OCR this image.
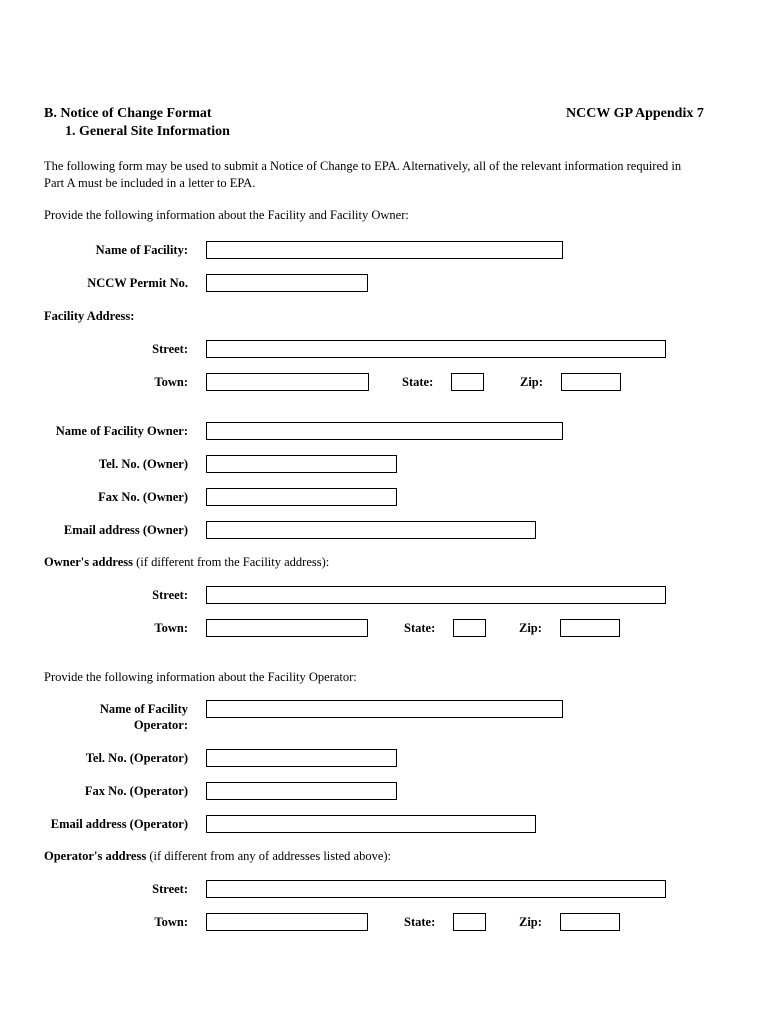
B. Notice of Change Format
1. General Site Information
NCCW GP Appendix 7
The following form may be used to submit a Notice of Change to EPA. Alternatively, all of the relevant information required in
Part A must be included in a letter to EPA.
Provide the following information about the Facility and Facility Owner:
Name of Facility:
NCCW Permit No.
Facility Address:
Street:
Town:	State:	Zip:
Name of Facility Owner:
Tel. No. (Owner)
Fax No. (Owner)
Email address (Owner)
Owner's address (if different from the Facility address):
Street:
Town:	State:	Zip:
Provide the following information about the Facility Operator:
Name of Facility
Operator:
Tel. No. (Operator)
Fax No. (Operator)
Email address (Operator)
Operator's address (if different from any of addresses listed above):
Street:
Town:	State:	Zip:
